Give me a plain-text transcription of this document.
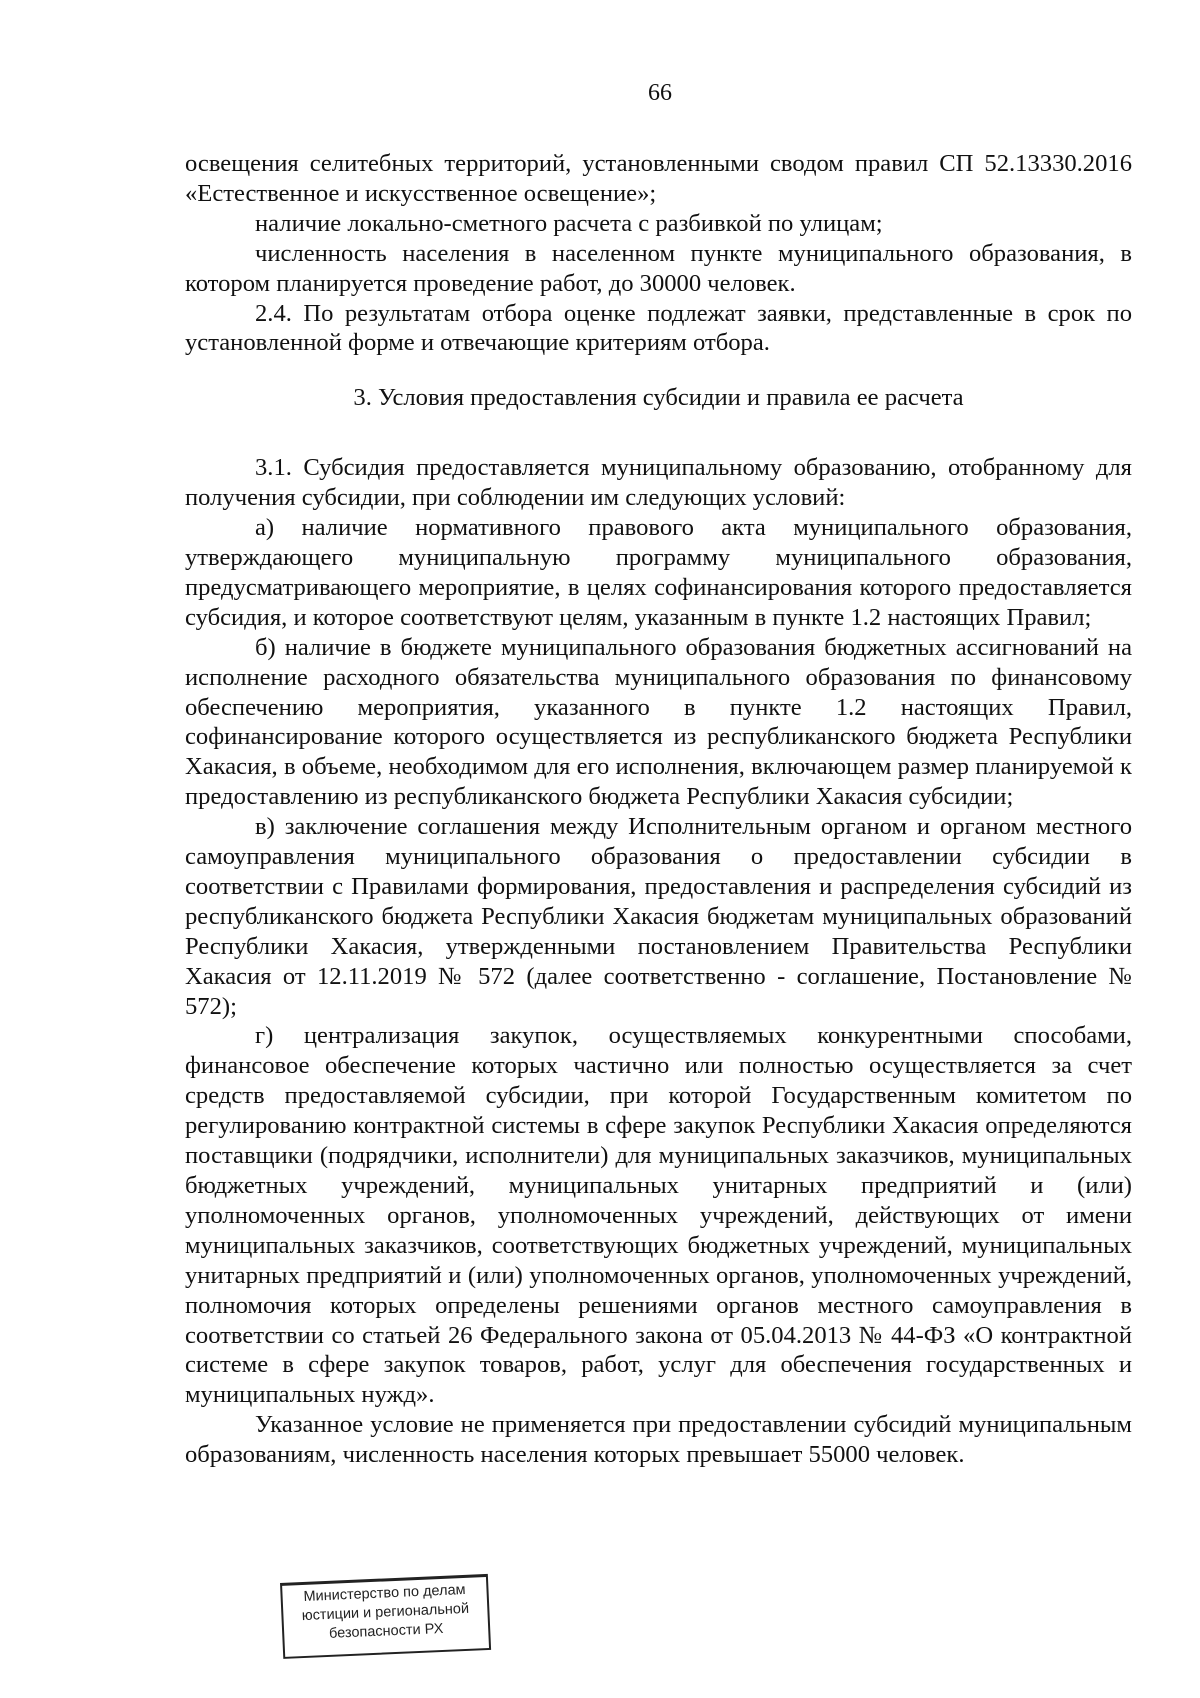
66

освещения селитебных территорий, установленными сводом правил СП 52.13330.2016 «Естественное и искусственное освещение»;

наличие локально-сметного расчета с разбивкой по улицам;

численность населения в населенном пункте муниципального образования, в котором планируется проведение работ, до 30000 человек.

2.4. По результатам отбора оценке подлежат заявки, представленные в срок по установленной форме и отвечающие критериям отбора.

3. Условия предоставления субсидии и правила ее расчета

3.1. Субсидия предоставляется муниципальному образованию, отобранному для получения субсидии, при соблюдении им следующих условий:

а) наличие нормативного правового акта муниципального образования, утверждающего муниципальную программу муниципального образования, предусматривающего мероприятие, в целях софинансирования которого предоставляется субсидия, и которое соответствуют целям, указанным в пункте 1.2 настоящих Правил;

б) наличие в бюджете муниципального образования бюджетных ассигнований на исполнение расходного обязательства муниципального образования по финансовому обеспечению мероприятия, указанного в пункте 1.2 настоящих Правил, софинансирование которого осуществляется из республиканского бюджета Республики Хакасия, в объеме, необходимом для его исполнения, включающем размер планируемой к предоставлению из республиканского бюджета Республики Хакасия субсидии;

в) заключение соглашения между Исполнительным органом и органом местного самоуправления муниципального образования о предоставлении субсидии в соответствии с Правилами формирования, предоставления и распределения субсидий из республиканского бюджета Республики Хакасия бюджетам муниципальных образований Республики Хакасия, утвержденными постановлением Правительства Республики Хакасия от 12.11.2019 № 572 (далее соответственно - соглашение, Постановление № 572);

г) централизация закупок, осуществляемых конкурентными способами, финансовое обеспечение которых частично или полностью осуществляется за счет средств предоставляемой субсидии, при которой Государственным комитетом по регулированию контрактной системы в сфере закупок Республики Хакасия определяются поставщики (подрядчики, исполнители) для муниципальных заказчиков, муниципальных бюджетных учреждений, муниципальных унитарных предприятий и (или) уполномоченных органов, уполномоченных учреждений, действующих от имени муниципальных заказчиков, соответствующих бюджетных учреждений, муниципальных унитарных предприятий и (или) уполномоченных органов, уполномоченных учреждений, полномочия которых определены решениями органов местного самоуправления в соответствии со статьей 26 Федерального закона от 05.04.2013 № 44-ФЗ «О контрактной системе в сфере закупок товаров, работ, услуг для обеспечения государственных и муниципальных нужд».

Указанное условие не применяется при предоставлении субсидий муниципальным образованиям, численность населения которых превышает 55000 человек.

Министерство по делам
юстиции и региональной
безопасности РХ
